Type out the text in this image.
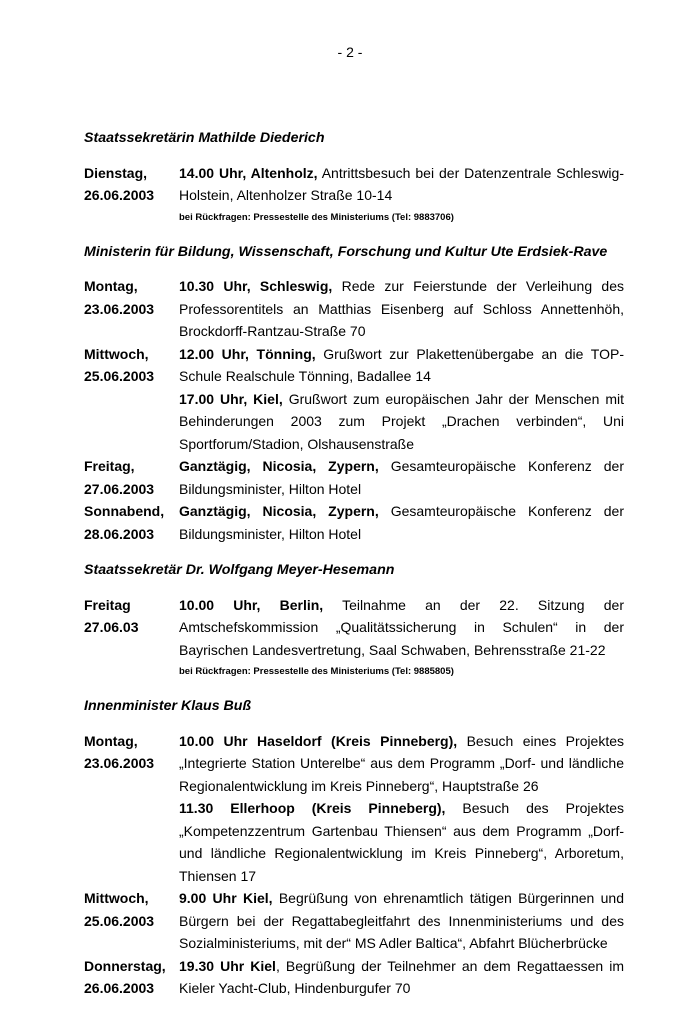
- 2 -
Staatssekretärin Mathilde Diederich
Dienstag,
26.06.2003
14.00 Uhr, Altenholz, Antrittsbesuch bei der Datenzentrale Schleswig-Holstein, Altenholzer Straße 10-14
bei Rückfragen: Pressestelle des Ministeriums (Tel: 9883706)
Ministerin für Bildung, Wissenschaft, Forschung und Kultur Ute Erdsiek-Rave
Montag,
23.06.2003
10.30 Uhr, Schleswig, Rede zur Feierstunde der Verleihung des Professorentitels an Matthias Eisenberg auf Schloss Annettenhöh, Brockdorff-Rantzau-Straße 70
Mittwoch,
25.06.2003
12.00 Uhr, Tönning, Grußwort zur Plakettenübergabe an die TOP-Schule Realschule Tönning, Badallee 14
17.00 Uhr, Kiel, Grußwort zum europäischen Jahr der Menschen mit Behinderungen 2003 zum Projekt „Drachen verbinden“, Uni Sportforum/Stadion, Olshausenstraße
Freitag,
27.06.2003
Ganztägig, Nicosia, Zypern, Gesamteuropäische Konferenz der Bildungsminister, Hilton Hotel
Sonnabend,
28.06.2003
Ganztägig, Nicosia, Zypern, Gesamteuropäische Konferenz der Bildungsminister, Hilton Hotel
Staatssekretär Dr. Wolfgang Meyer-Hesemann
Freitag
27.06.03
10.00 Uhr, Berlin, Teilnahme an der 22. Sitzung der Amtschefskommission „Qualitätssicherung in Schulen“ in der Bayrischen Landesvertretung, Saal Schwaben, Behrensstraße 21-22
bei Rückfragen: Pressestelle des Ministeriums (Tel: 9885805)
Innenminister Klaus Buß
Montag,
23.06.2003
10.00 Uhr Haseldorf (Kreis Pinneberg), Besuch eines Projektes „Integrierte Station Unterelbe“ aus dem Programm „Dorf- und ländliche Regionalentwicklung im Kreis Pinneberg“, Hauptstraße 26
11.30 Ellerhoop (Kreis Pinneberg), Besuch des Projektes „Kompetenzzentrum Gartenbau Thiensen“ aus dem Programm „Dorf- und ländliche Regionalentwicklung im Kreis Pinneberg“, Arboretum, Thiensen 17
Mittwoch,
25.06.2003
9.00 Uhr Kiel, Begrüßung von ehrenamtlich tätigen Bürgerinnen und Bürgern bei der Regattabegleitfahrt des Innenministeriums und des Sozialministeriums, mit der“ MS Adler Baltica“, Abfahrt Blücherbrücke
Donnerstag,
26.06.2003
19.30 Uhr Kiel, Begrüßung der Teilnehmer an dem Regattaessen im Kieler Yacht-Club, Hindenburgufer 70
